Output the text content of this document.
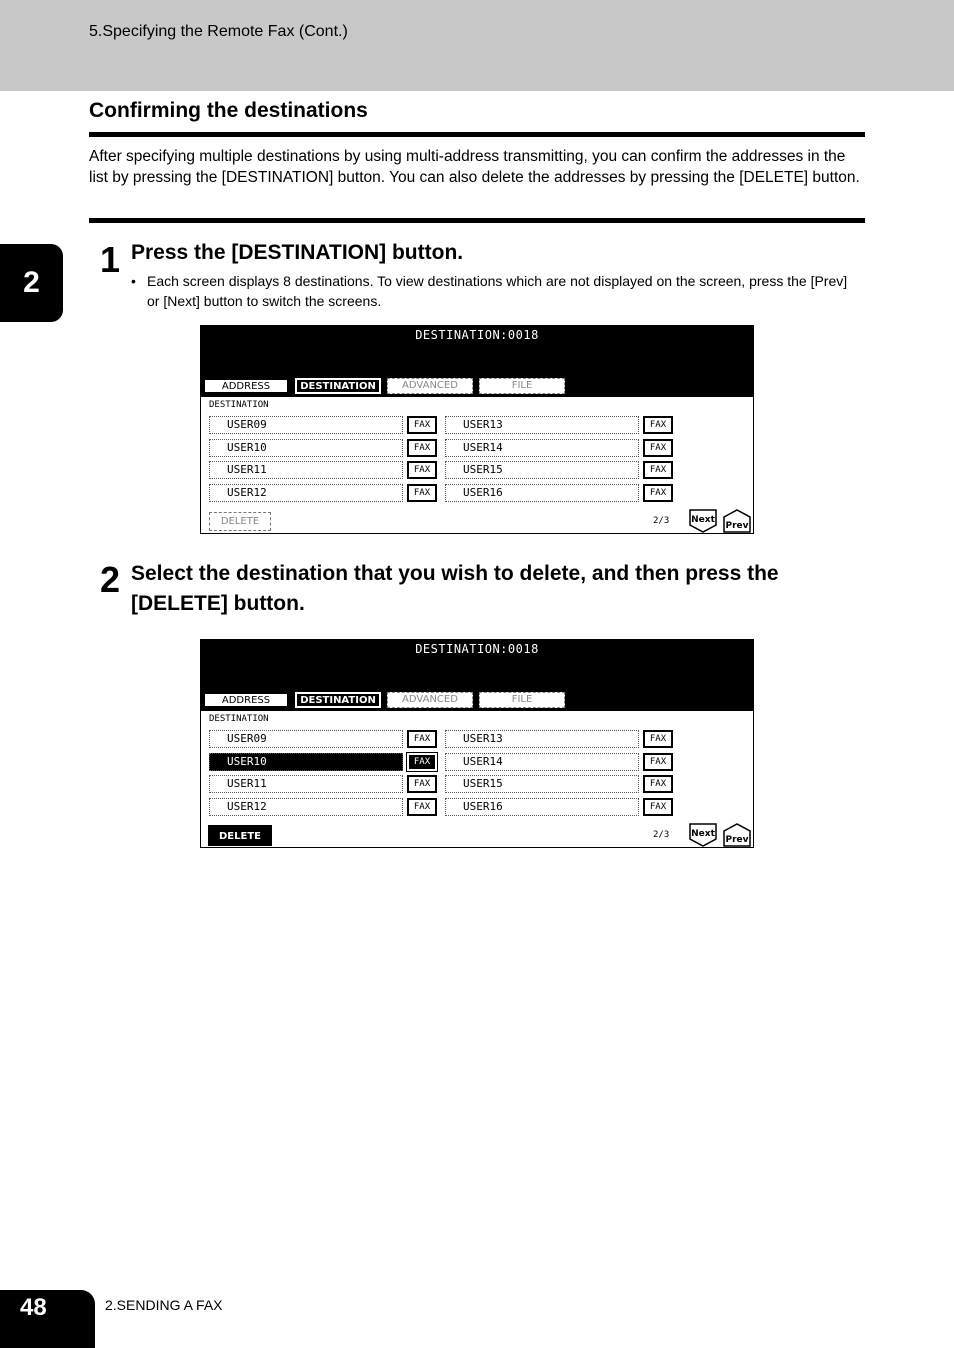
5.Specifying the Remote Fax (Cont.)
Confirming the destinations
After specifying multiple destinations by using multi-address transmitting, you can confirm the addresses in the list by pressing the [DESTINATION] button. You can also delete the addresses by pressing the [DELETE] button.
2
1 Press the [DESTINATION] button.
• Each screen displays 8 destinations. To view destinations which are not displayed on the screen, press the [Prev] or [Next] button to switch the screens.
DESTINATION:0018
ADDRESS	DESTINATION	ADVANCED	FILE
DESTINATION
USER09	FAX
USER10	FAX
USER11	FAX
USER12	FAX
USER13	FAX
USER14	FAX
USER15	FAX
USER16	FAX
DELETE	2/3 Next
Prev
2 Select the destination that you wish to delete, and then press the [DELETE] button.
DESTINATION:0018
ADDRESS	DESTINATION	ADVANCED	FILE
DESTINATION
USER09	FAX
USER10	FAX
USER11	FAX
USER12	FAX
USER13	FAX
USER14	FAX
USER15	FAX
USER16	FAX
DELETE	2/3 Next
Prev
48	2.SENDING A FAX
